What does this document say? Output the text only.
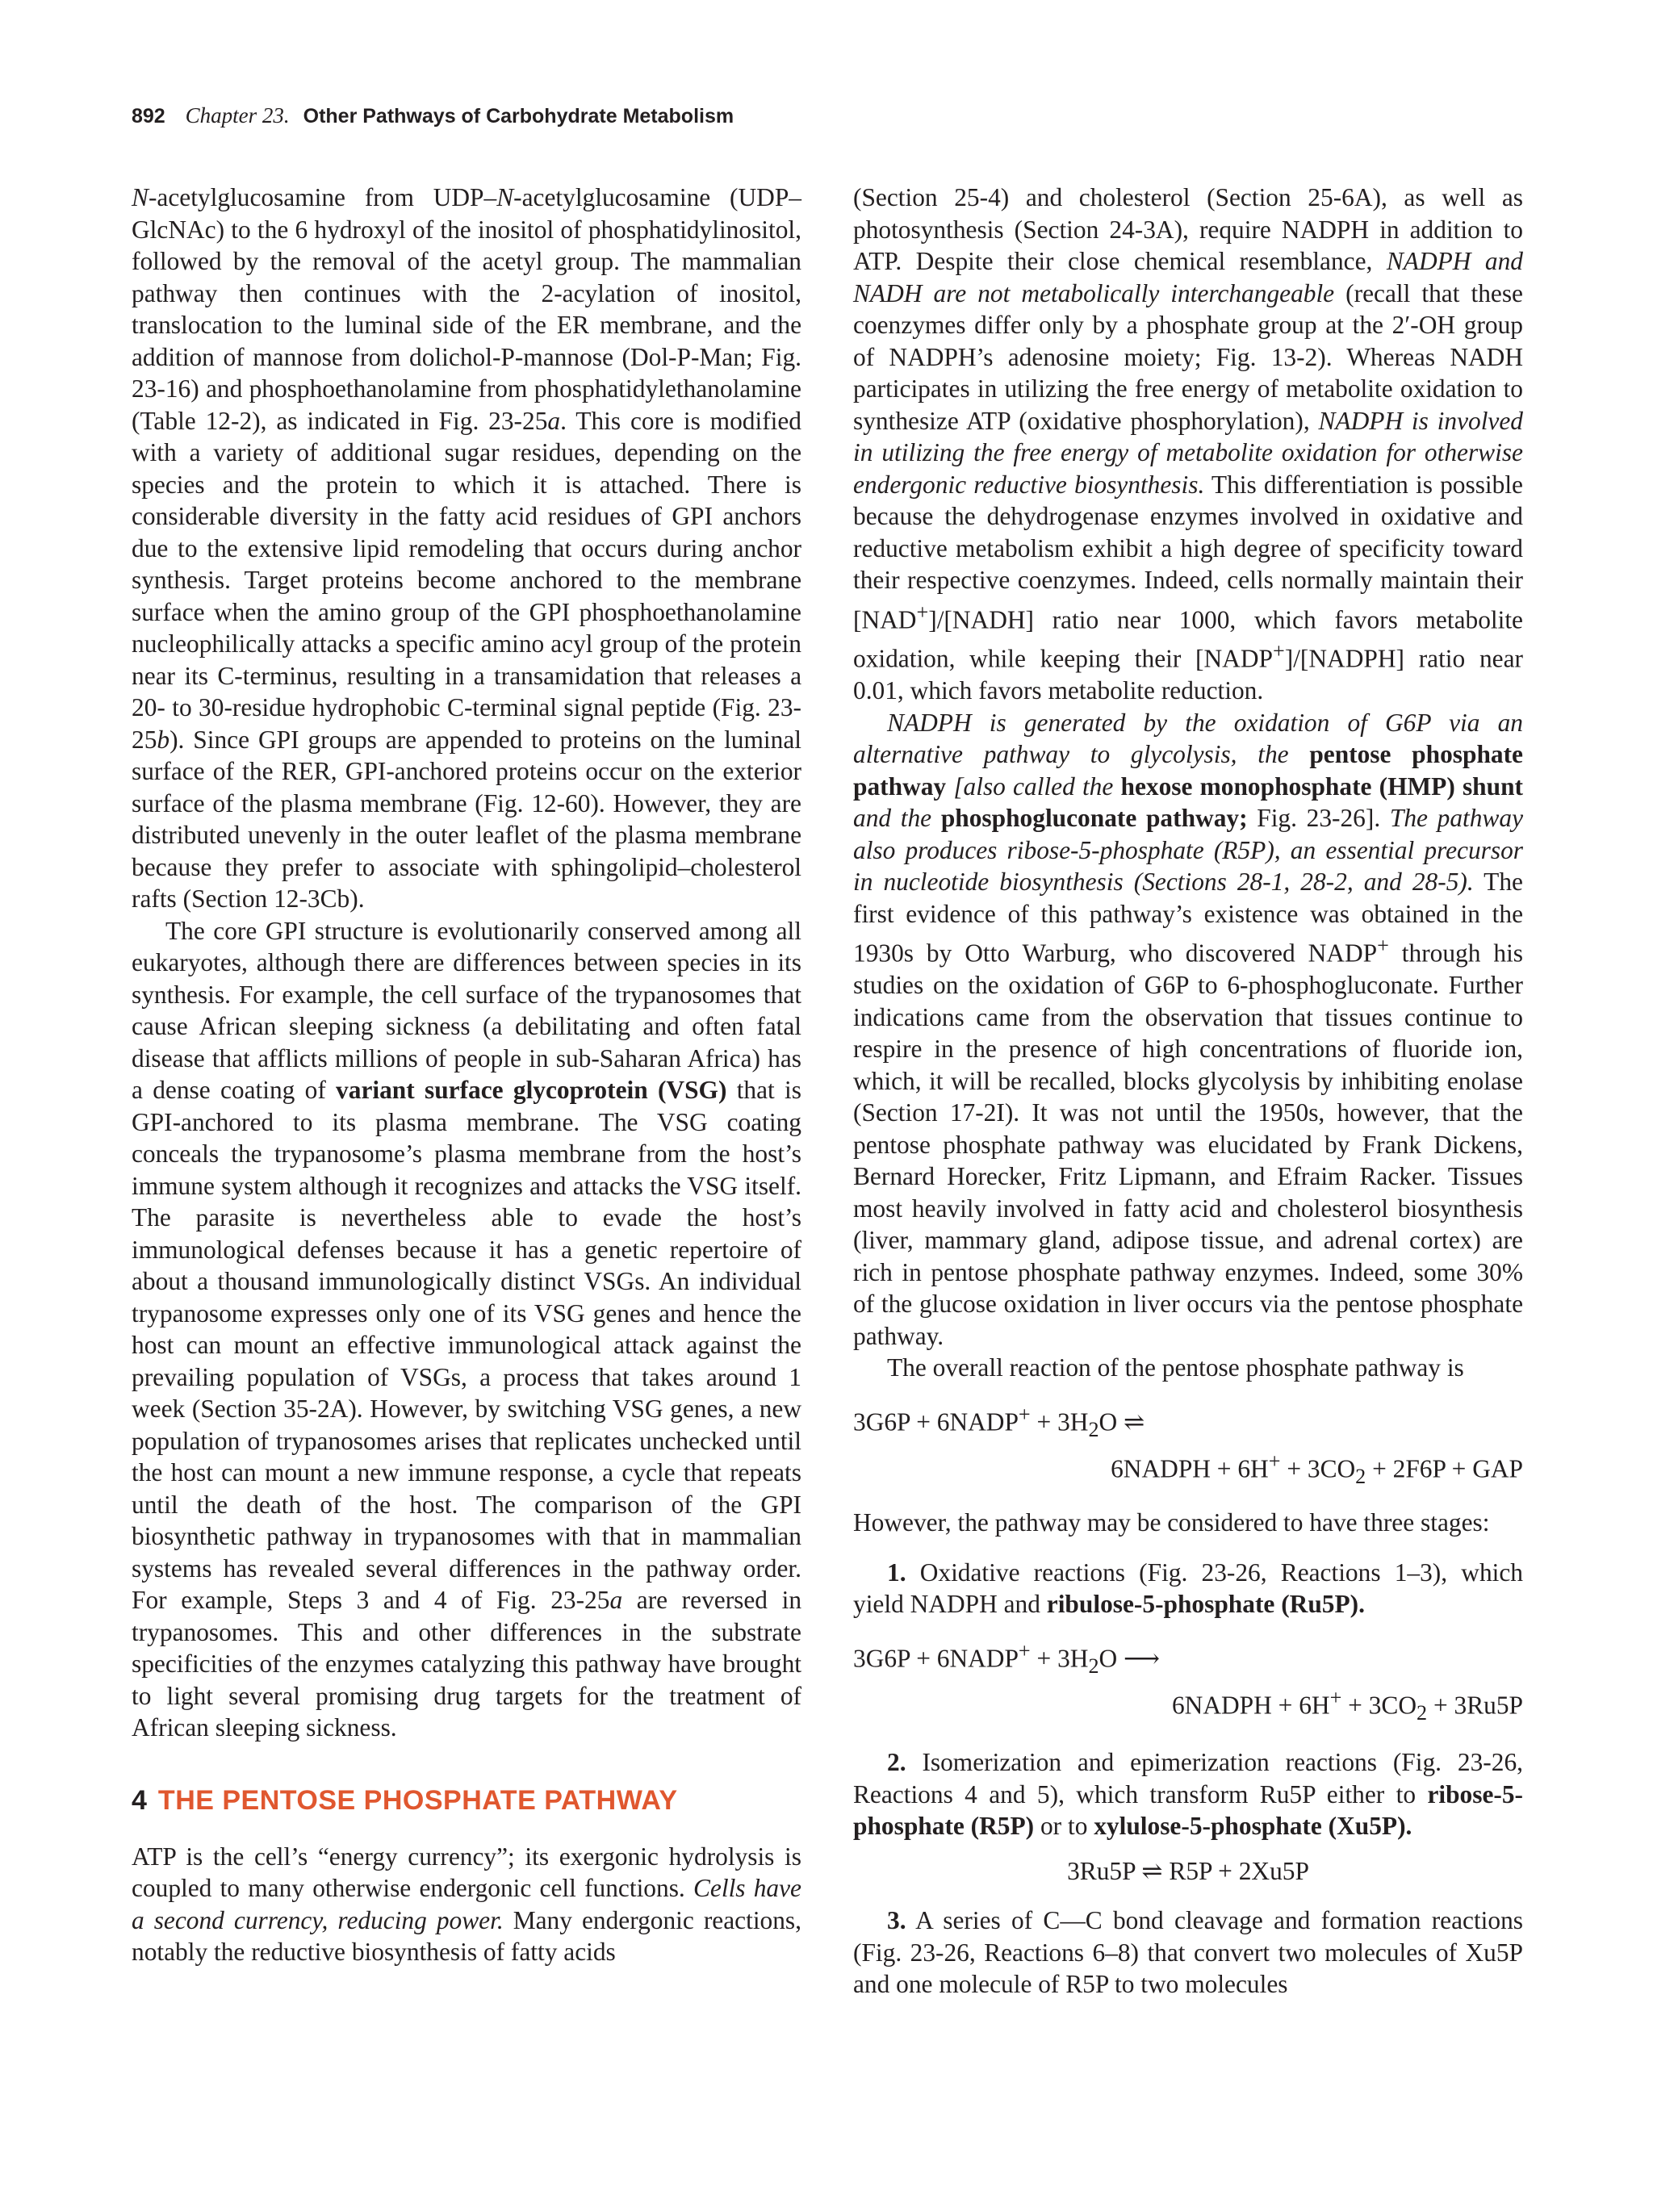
892 Chapter 23. Other Pathways of Carbohydrate Metabolism

N-acetylglucosamine from UDP–N-acetylglucosamine (UDP–GlcNAc) to the 6 hydroxyl of the inositol of phosphatidylinositol, followed by the removal of the acetyl group. The mammalian pathway then continues with the 2-acylation of inositol, translocation to the luminal side of the ER membrane, and the addition of mannose from dolichol-P-mannose (Dol-P-Man; Fig. 23-16) and phosphoethanolamine from phosphatidylethanolamine (Table 12-2), as indicated in Fig. 23-25a. This core is modified with a variety of additional sugar residues, depending on the species and the protein to which it is attached. There is considerable diversity in the fatty acid residues of GPI anchors due to the extensive lipid remodeling that occurs during anchor synthesis. Target proteins become anchored to the membrane surface when the amino group of the GPI phosphoethanolamine nucleophilically attacks a specific amino acyl group of the protein near its C-terminus, resulting in a transamidation that releases a 20- to 30-residue hydrophobic C-terminal signal peptide (Fig. 23-25b). Since GPI groups are appended to proteins on the luminal surface of the RER, GPI-anchored proteins occur on the exterior surface of the plasma membrane (Fig. 12-60). However, they are distributed unevenly in the outer leaflet of the plasma membrane because they prefer to associate with sphingolipid–cholesterol rafts (Section 12-3Cb).

The core GPI structure is evolutionarily conserved among all eukaryotes, although there are differences between species in its synthesis. For example, the cell surface of the trypanosomes that cause African sleeping sickness (a debilitating and often fatal disease that afflicts millions of people in sub-Saharan Africa) has a dense coating of variant surface glycoprotein (VSG) that is GPI-anchored to its plasma membrane. The VSG coating conceals the trypanosome’s plasma membrane from the host’s immune system although it recognizes and attacks the VSG itself. The parasite is nevertheless able to evade the host’s immunological defenses because it has a genetic repertoire of about a thousand immunologically distinct VSGs. An individual trypanosome expresses only one of its VSG genes and hence the host can mount an effective immunological attack against the prevailing population of VSGs, a process that takes around 1 week (Section 35-2A). However, by switching VSG genes, a new population of trypanosomes arises that replicates unchecked until the host can mount a new immune response, a cycle that repeats until the death of the host. The comparison of the GPI biosynthetic pathway in trypanosomes with that in mammalian systems has revealed several differences in the pathway order. For example, Steps 3 and 4 of Fig. 23-25a are reversed in trypanosomes. This and other differences in the substrate specificities of the enzymes catalyzing this pathway have brought to light several promising drug targets for the treatment of African sleeping sickness.

4 THE PENTOSE PHOSPHATE PATHWAY

ATP is the cell’s “energy currency”; its exergonic hydrolysis is coupled to many otherwise endergonic cell functions. Cells have a second currency, reducing power. Many endergonic reactions, notably the reductive biosynthesis of fatty acids

(Section 25-4) and cholesterol (Section 25-6A), as well as photosynthesis (Section 24-3A), require NADPH in addition to ATP. Despite their close chemical resemblance, NADPH and NADH are not metabolically interchangeable (recall that these coenzymes differ only by a phosphate group at the 2′-OH group of NADPH’s adenosine moiety; Fig. 13-2). Whereas NADH participates in utilizing the free energy of metabolite oxidation to synthesize ATP (oxidative phosphorylation), NADPH is involved in utilizing the free energy of metabolite oxidation for otherwise endergonic reductive biosynthesis. This differentiation is possible because the dehydrogenase enzymes involved in oxidative and reductive metabolism exhibit a high degree of specificity toward their respective coenzymes. Indeed, cells normally maintain their [NAD+]/[NADH] ratio near 1000, which favors metabolite oxidation, while keeping their [NADP+]/[NADPH] ratio near 0.01, which favors metabolite reduction.

NADPH is generated by the oxidation of G6P via an alternative pathway to glycolysis, the pentose phosphate pathway [also called the hexose monophosphate (HMP) shunt and the phosphogluconate pathway; Fig. 23-26]. The pathway also produces ribose-5-phosphate (R5P), an essential precursor in nucleotide biosynthesis (Sections 28-1, 28-2, and 28-5). The first evidence of this pathway’s existence was obtained in the 1930s by Otto Warburg, who discovered NADP+ through his studies on the oxidation of G6P to 6-phosphogluconate. Further indications came from the observation that tissues continue to respire in the presence of high concentrations of fluoride ion, which, it will be recalled, blocks glycolysis by inhibiting enolase (Section 17-2I). It was not until the 1950s, however, that the pentose phosphate pathway was elucidated by Frank Dickens, Bernard Horecker, Fritz Lipmann, and Efraim Racker. Tissues most heavily involved in fatty acid and cholesterol biosynthesis (liver, mammary gland, adipose tissue, and adrenal cortex) are rich in pentose phosphate pathway enzymes. Indeed, some 30% of the glucose oxidation in liver occurs via the pentose phosphate pathway.

The overall reaction of the pentose phosphate pathway is

3G6P + 6NADP+ + $3H_2O$ ⇌

6NADPH + $6H^+ + 3CO_2 + 2F6P$ + GAP

However, the pathway may be considered to have three stages:

1. Oxidative reactions (Fig. 23-26, Reactions 1–3), which yield NADPH and ribulose-5-phosphate (Ru5P).

3G6P + 6NADP+ + $3H_2O$ ⟶

6NADPH + $6H^+ + 3CO_2 + 3Ru5P$

2. Isomerization and epimerization reactions (Fig. 23-26, Reactions 4 and 5), which transform Ru5P either to ribose-5-phosphate (R5P) or to xylulose-5-phosphate (Xu5P).

3Ru5P ⇌ R5P + 2Xu5P

3. A series of C—C bond cleavage and formation reactions (Fig. 23-26, Reactions 6–8) that convert two molecules of Xu5P and one molecule of R5P to two molecules
